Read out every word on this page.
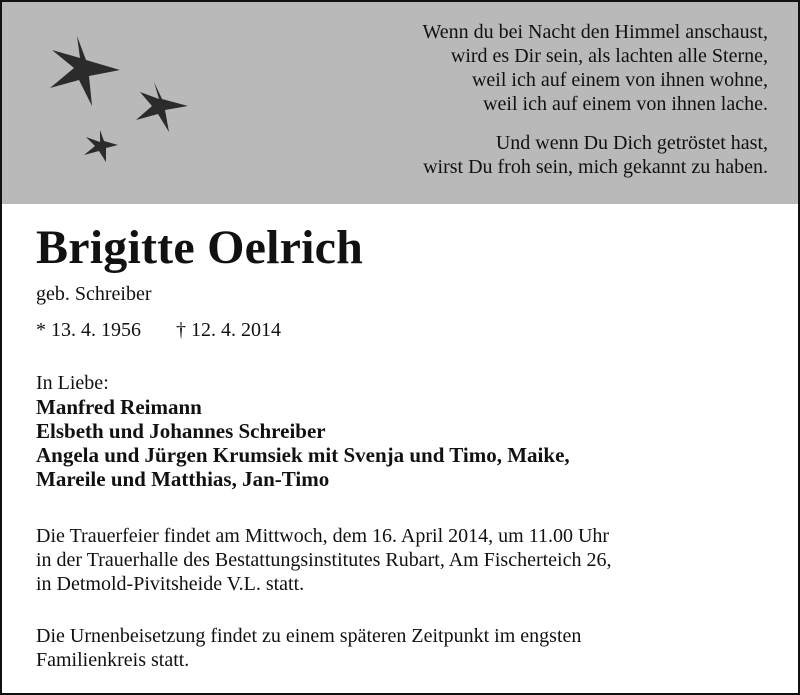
Wenn du bei Nacht den Himmel anschaust,
wird es Dir sein, als lachten alle Sterne,
weil ich auf einem von ihnen wohne,
weil ich auf einem von ihnen lache.
Und wenn Du Dich getröstet hast,
wirst Du froh sein, mich gekannt zu haben.
Brigitte Oelrich
geb. Schreiber
* 13. 4. 1956 † 12. 4. 2014
In Liebe:
Manfred Reimann
Elsbeth und Johannes Schreiber
Angela und Jürgen Krumsiek mit Svenja und Timo, Maike,
Mareile und Matthias, Jan-Timo
Die Trauerfeier findet am Mittwoch, dem 16. April 2014, um 11.00 Uhr
in der Trauerhalle des Bestattungsinstitutes Rubart, Am Fischerteich 26,
in Detmold-Pivitsheide V.L. statt.
Die Urnenbeisetzung findet zu einem späteren Zeitpunkt im engsten
Familienkreis statt.
